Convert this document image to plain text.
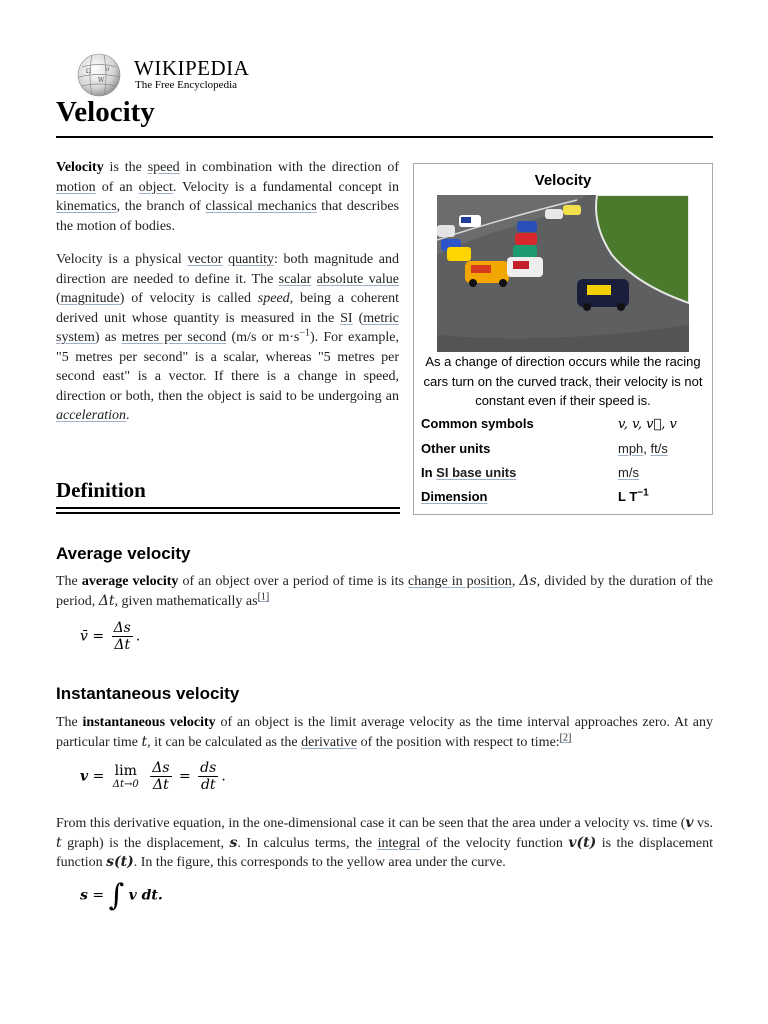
Ω
W
И WIKIPEDIA
The Free Encyclopedia
Velocity

Velocity is the speed in combination with the direction of motion of an object. Velocity is a fundamental concept in kinematics, the branch of classical mechanics that describes the motion of bodies.

Velocity is a physical vector quantity: both magnitude and direction are needed to define it. The scalar absolute value (magnitude) of velocity is called speed, being a coherent derived unit whose quantity is measured in the SI (metric system) as metres per second (m/s or $m\cdot s^{-1}$). For example, "5 metres per second" is a scalar, whereas "5 metres per second east" is a vector. If there is a change in speed, direction or both, then the object is said to be undergoing an acceleration.

Velocity
As a change of direction occurs while the racing cars turn on the curved track, their velocity is not constant even if their speed is.
Common symbols	v, v, v⃗, v
Other units	mph, ft/s
In SI base units	m/s
Dimension	L $T^{-1}$
Definition
Average velocity

The average velocity of an object over a period of time is its change in position, Δs, divided by the duration of the period, Δt, given mathematically as[1]

v̄ = $\frac{\Delta s}{\Delta t}$ .
Instantaneous velocity

The instantaneous velocity of an object is the limit average velocity as the time interval approaches zero. At any particular time t, it can be calculated as the derivative of the position with respect to time:[2]

v = lim
Δt→0
$\frac{\Delta s}{\Delta t} = \frac{ds}{dt}$ .

From this derivative equation, in the one-dimensional case it can be seen that the area under a velocity vs. time (v vs. t graph) is the displacement, s. In calculus terms, the integral of the velocity function v(t) is the displacement function s(t). In the figure, this corresponds to the yellow area under the curve.

s = ∫ v dt.
